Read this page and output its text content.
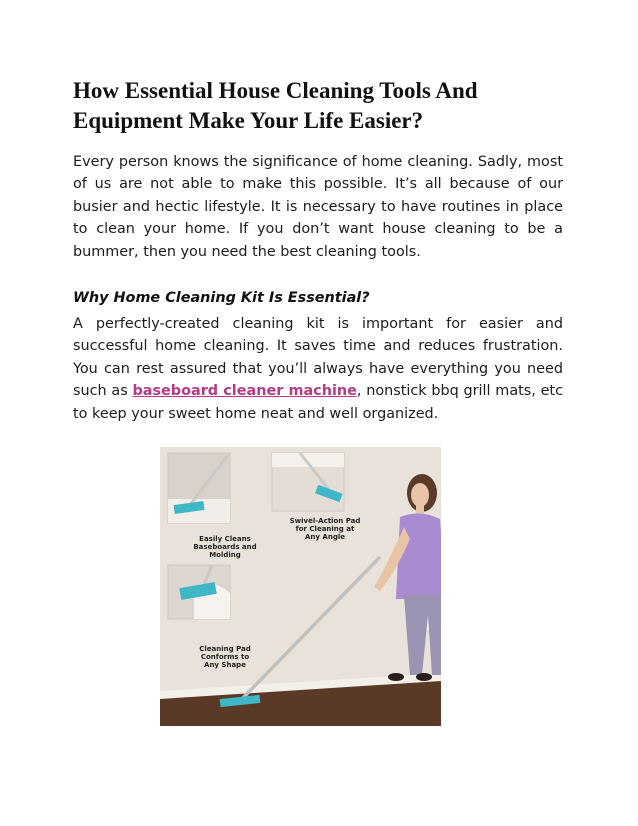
How Essential House Cleaning Tools And Equipment Make Your Life Easier?

Every person knows the significance of home cleaning. Sadly, most of us are not able to make this possible. It’s all because of our busier and hectic lifestyle. It is necessary to have routines in place to clean your home. If you don’t want house cleaning to be a bummer, then you need the best cleaning tools.

Why Home Cleaning Kit Is Essential?

A perfectly-created cleaning kit is important for easier and successful home cleaning. It saves time and reduces frustration. You can rest assured that you’ll always have everything you need such as baseboard cleaner machine, nonstick bbq grill mats, etc to keep your sweet home neat and well organized.

Easily Cleans Baseboards and Molding
Swivel-Action Pad for Cleaning at Any Angle
Cleaning Pad Conforms to Any Shape
